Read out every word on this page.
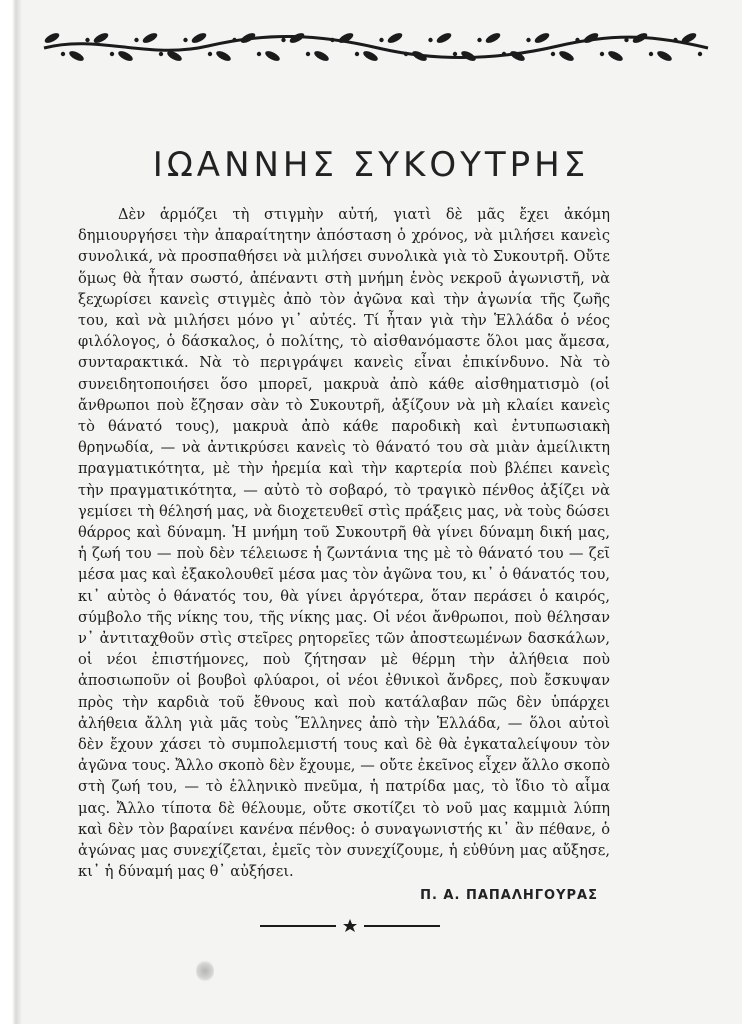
ΙΩΑΝΝΗΣ ΣΥΚΟΥΤΡΗΣ

Δὲν ἁρμόζει τὴ στιγμὴν αὐτή, γιατὶ δὲ μᾶς ἔχει ἀκόμη δημιουργήσει τὴν ἀπαραίτητην ἀπόσταση ὁ χρόνος, νὰ μιλήσει κανεὶς συνολικά, νὰ προσπαθήσει νὰ μιλήσει συνολικὰ γιὰ τὸ Συκουτρῆ. Οὔτε ὅμως θὰ ἦταν σωστό, ἀπέναντι στὴ μνήμη ἑνὸς νεκροῦ ἀγωνιστῆ, νὰ ξεχωρίσει κανεὶς στιγμὲς ἀπὸ τὸν ἀγῶνα καὶ τὴν ἀγωνία τῆς ζωῆς του, καὶ νὰ μιλήσει μόνο γι᾿ αὐτές. Τί ἦταν γιὰ τὴν Ἑλλάδα ὁ νέος φιλόλογος, ὁ δάσκαλος, ὁ πολίτης, τὸ αἰσθανόμαστε ὅλοι μας ἄμεσα, συνταρακτικά. Νὰ τὸ περιγράψει κανεὶς εἶναι ἐπικίνδυνο. Νὰ τὸ συνειδητοποιήσει ὅσο μπορεῖ, μακρυὰ ἀπὸ κάθε αἰσθηματισμὸ (οἱ ἄνθρωποι ποὺ ἔζησαν σὰν τὸ Συκουτρῆ, ἀξίζουν νὰ μὴ κλαίει κανεὶς τὸ θάνατό τους), μακρυὰ ἀπὸ κάθε παροδικὴ καὶ ἐντυπωσιακὴ θρηνωδία, — νὰ ἀντικρύσει κανεὶς τὸ θάνατό του σὰ μιὰν ἀμείλικτη πραγματικότητα, μὲ τὴν ἠρεμία καὶ τὴν καρτερία ποὺ βλέπει κανεὶς τὴν πραγματικότητα, — αὐτὸ τὸ σοβαρό, τὸ τραγικὸ πένθος ἀξίζει νὰ γεμίσει τὴ θέλησή μας, νὰ διοχετευθεῖ στὶς πράξεις μας, νὰ τοὺς δώσει θάρρος καὶ δύναμη. Ἡ μνήμη τοῦ Συκουτρῆ θὰ γίνει δύναμη δική μας, ἡ ζωή του — ποὺ δὲν τέλειωσε ἡ ζωντάνια της μὲ τὸ θάνατό του — ζεῖ μέσα μας καὶ ἐξακολουθεῖ μέσα μας τὸν ἀγῶνα του, κι᾿ ὁ θάνατός του, κι᾿ αὐτὸς ὁ θάνατός του, θὰ γίνει ἀργότερα, ὅταν περάσει ὁ καιρός, σύμβολο τῆς νίκης του, τῆς νίκης μας. Οἱ νέοι ἄνθρωποι, ποὺ θέλησαν ν᾿ ἀντιταχθοῦν στὶς στεῖρες ρητορεῖες τῶν ἀποστεωμένων δασκάλων, οἱ νέοι ἐπιστήμονες, ποὺ ζήτησαν μὲ θέρμη τὴν ἀλήθεια ποὺ ἀποσιωποῦν οἱ βουβοὶ φλύαροι, οἱ νέοι ἐθνικοὶ ἄνδρες, ποὺ ἔσκυψαν πρὸς τὴν καρδιὰ τοῦ ἔθνους καὶ ποὺ κατάλαβαν πῶς δὲν ὑπάρχει ἀλήθεια ἄλλη γιὰ μᾶς τοὺς Ἕλληνες ἀπὸ τὴν Ἑλλάδα, — ὅλοι αὐτοὶ δὲν ἔχουν χάσει τὸ συμπολεμιστή τους καὶ δὲ θὰ ἐγκαταλείψουν τὸν ἀγῶνα τους. Ἄλλο σκοπὸ δὲν ἔχουμε, — οὔτε ἐκεῖνος εἶχεν ἄλλο σκοπὸ στὴ ζωή του, — τὸ ἑλληνικὸ πνεῦμα, ἡ πατρίδα μας, τὸ ἴδιο τὸ αἷμα μας. Ἄλλο τίποτα δὲ θέλουμε, οὔτε σκοτίζει τὸ νοῦ μας καμμιὰ λύπη καὶ δὲν τὸν βαραίνει κανένα πένθος: ὁ συναγωνιστής κι᾿ ἂν πέθανε, ὁ ἀγώνας μας συνεχίζεται, ἐμεῖς τὸν συνεχίζουμε, ἡ εὐθύνη μας αὔξησε, κι᾿ ἡ δύναμή μας θ᾿ αὐξήσει.

Π. Α. ΠΑΠΑΛΗΓΟΥΡΑΣ
